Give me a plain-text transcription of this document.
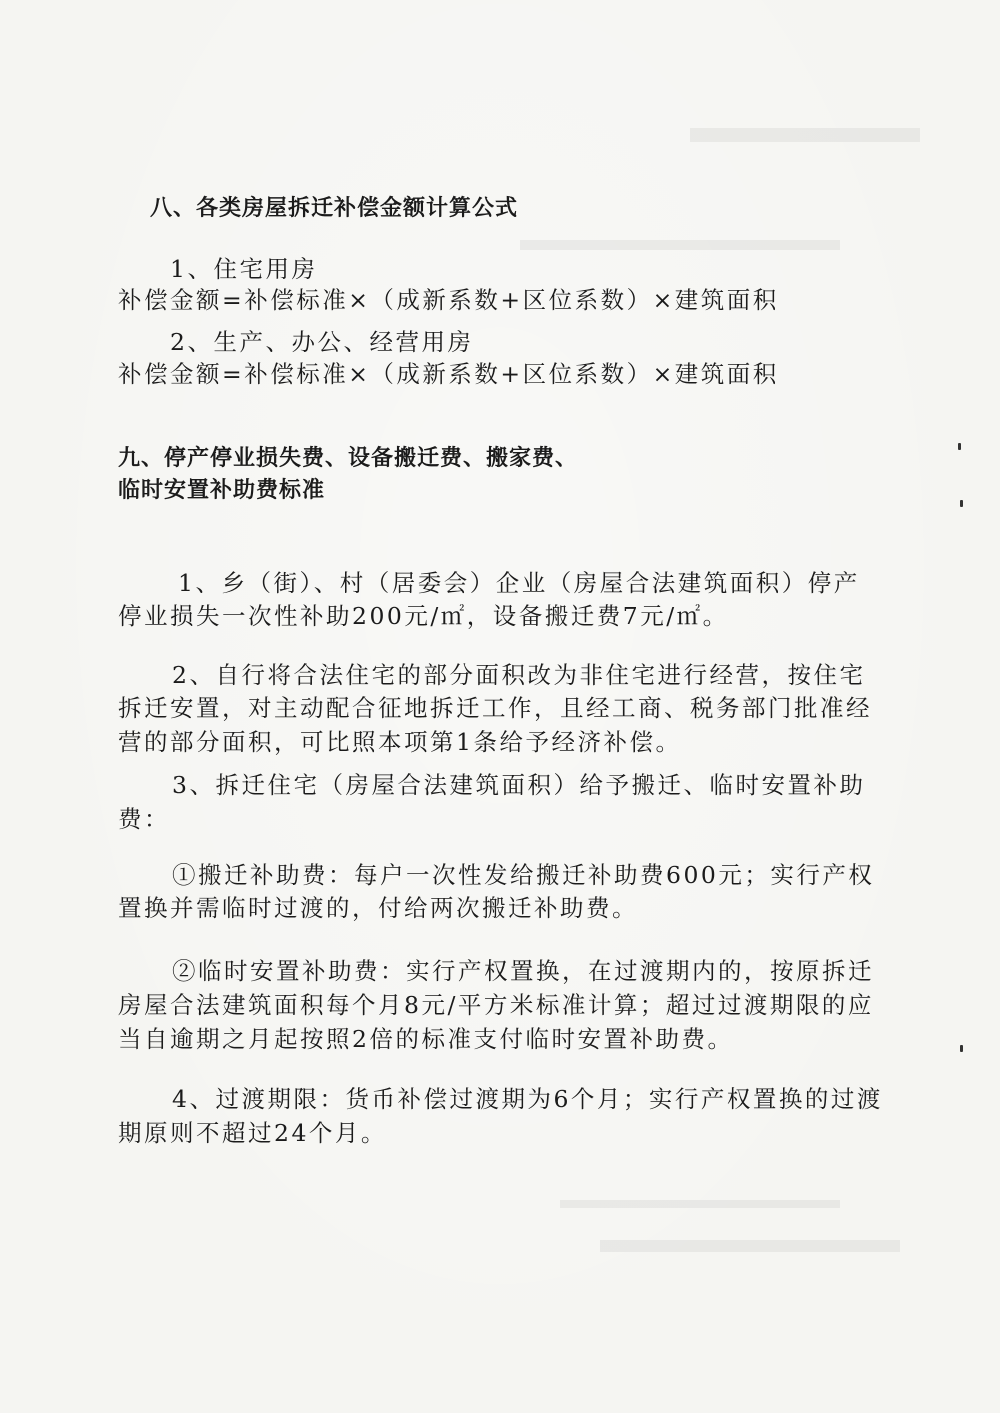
八、各类房屋拆迁补偿金额计算公式
1、住宅用房
补偿金额=补偿标准×（成新系数+区位系数）×建筑面积
2、生产、办公、经营用房
补偿金额=补偿标准×（成新系数+区位系数）×建筑面积
九、停产停业损失费、设备搬迁费、搬家费、
临时安置补助费标准
1、乡（街）、村（居委会）企业（房屋合法建筑面积）停产
停业损失一次性补助200元/㎡，设备搬迁费7元/㎡。
2、自行将合法住宅的部分面积改为非住宅进行经营，按住宅
拆迁安置，对主动配合征地拆迁工作，且经工商、税务部门批准经
营的部分面积，可比照本项第1条给予经济补偿。
3、拆迁住宅（房屋合法建筑面积）给予搬迁、临时安置补助
费：
①搬迁补助费：每户一次性发给搬迁补助费600元；实行产权
置换并需临时过渡的，付给两次搬迁补助费。
②临时安置补助费：实行产权置换，在过渡期内的，按原拆迁
房屋合法建筑面积每个月8元/平方米标准计算；超过过渡期限的应
当自逾期之月起按照2倍的标准支付临时安置补助费。
4、过渡期限：货币补偿过渡期为6个月；实行产权置换的过渡
期原则不超过24个月。
